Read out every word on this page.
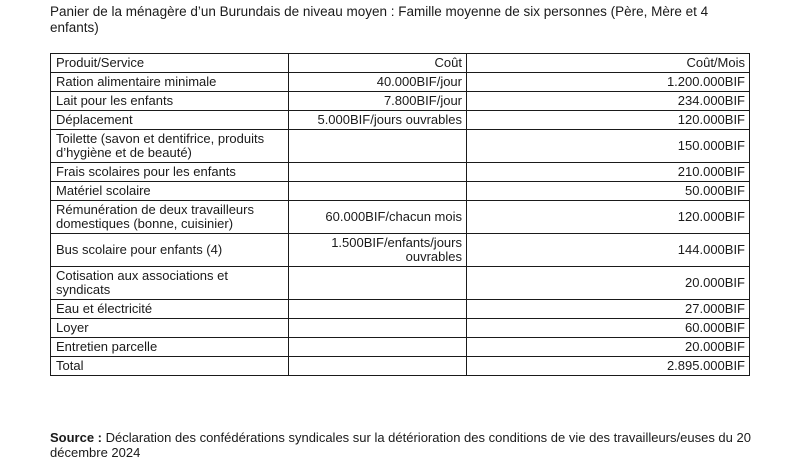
Panier de la ménagère d’un Burundais de niveau moyen : Famille moyenne de six personnes (Père, Mère et 4 enfants)
Produit/Service	Coût	Coût/Mois
Ration alimentaire minimale	40.000BIF/jour	1.200.000BIF
Lait pour les enfants	7.800BIF/jour	234.000BIF
Déplacement	5.000BIF/jours ouvrables	120.000BIF
Toilette (savon et dentifrice, produits d’hygiène et de beauté)		150.000BIF
Frais scolaires pour les enfants		210.000BIF
Matériel scolaire		50.000BIF
Rémunération de deux travailleurs domestiques (bonne, cuisinier)	60.000BIF/chacun mois	120.000BIF
Bus scolaire pour enfants (4)	1.500BIF/enfants/jours ouvrables	144.000BIF
Cotisation aux associations et syndicats		20.000BIF
Eau et électricité		27.000BIF
Loyer		60.000BIF
Entretien parcelle		20.000BIF
Total		2.895.000BIF
Source : Déclaration des confédérations syndicales sur la détérioration des conditions de vie des travailleurs/euses du 20 décembre 2024
